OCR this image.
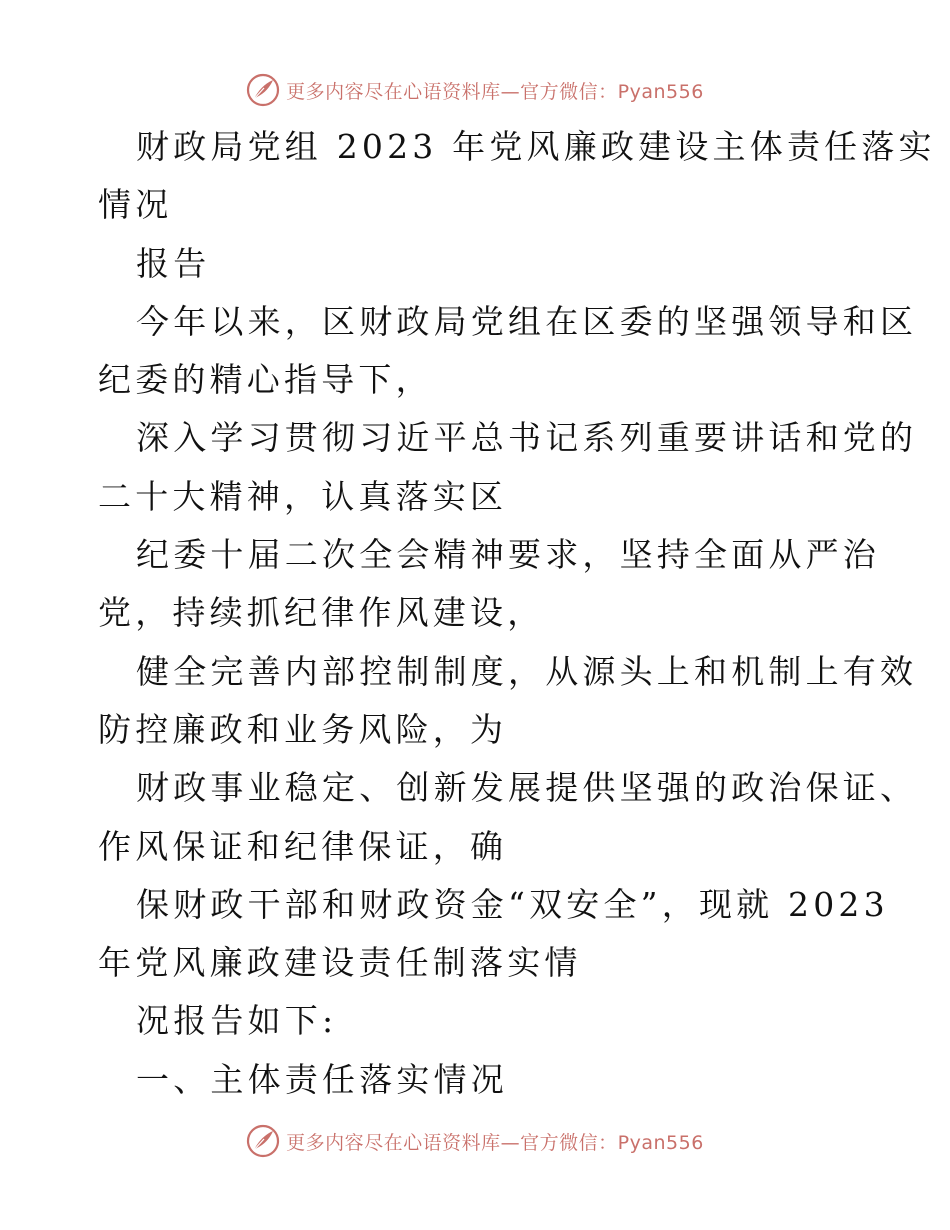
更多内容尽在心语资料库—官方微信：Pyan556
财政局党组 2023 年党风廉政建设主体责任落实
情况
报告
今年以来，区财政局党组在区委的坚强领导和区
纪委的精心指导下，
深入学习贯彻习近平总书记系列重要讲话和党的
二十大精神，认真落实区
纪委十届二次全会精神要求，坚持全面从严治
党，持续抓纪律作风建设，
健全完善内部控制制度，从源头上和机制上有效
防控廉政和业务风险，为
财政事业稳定、创新发展提供坚强的政治保证、
作风保证和纪律保证，确
保财政干部和财政资金“双安全”，现就 2023
年党风廉政建设责任制落实情
况报告如下:
一、主体责任落实情况
更多内容尽在心语资料库—官方微信：Pyan556
